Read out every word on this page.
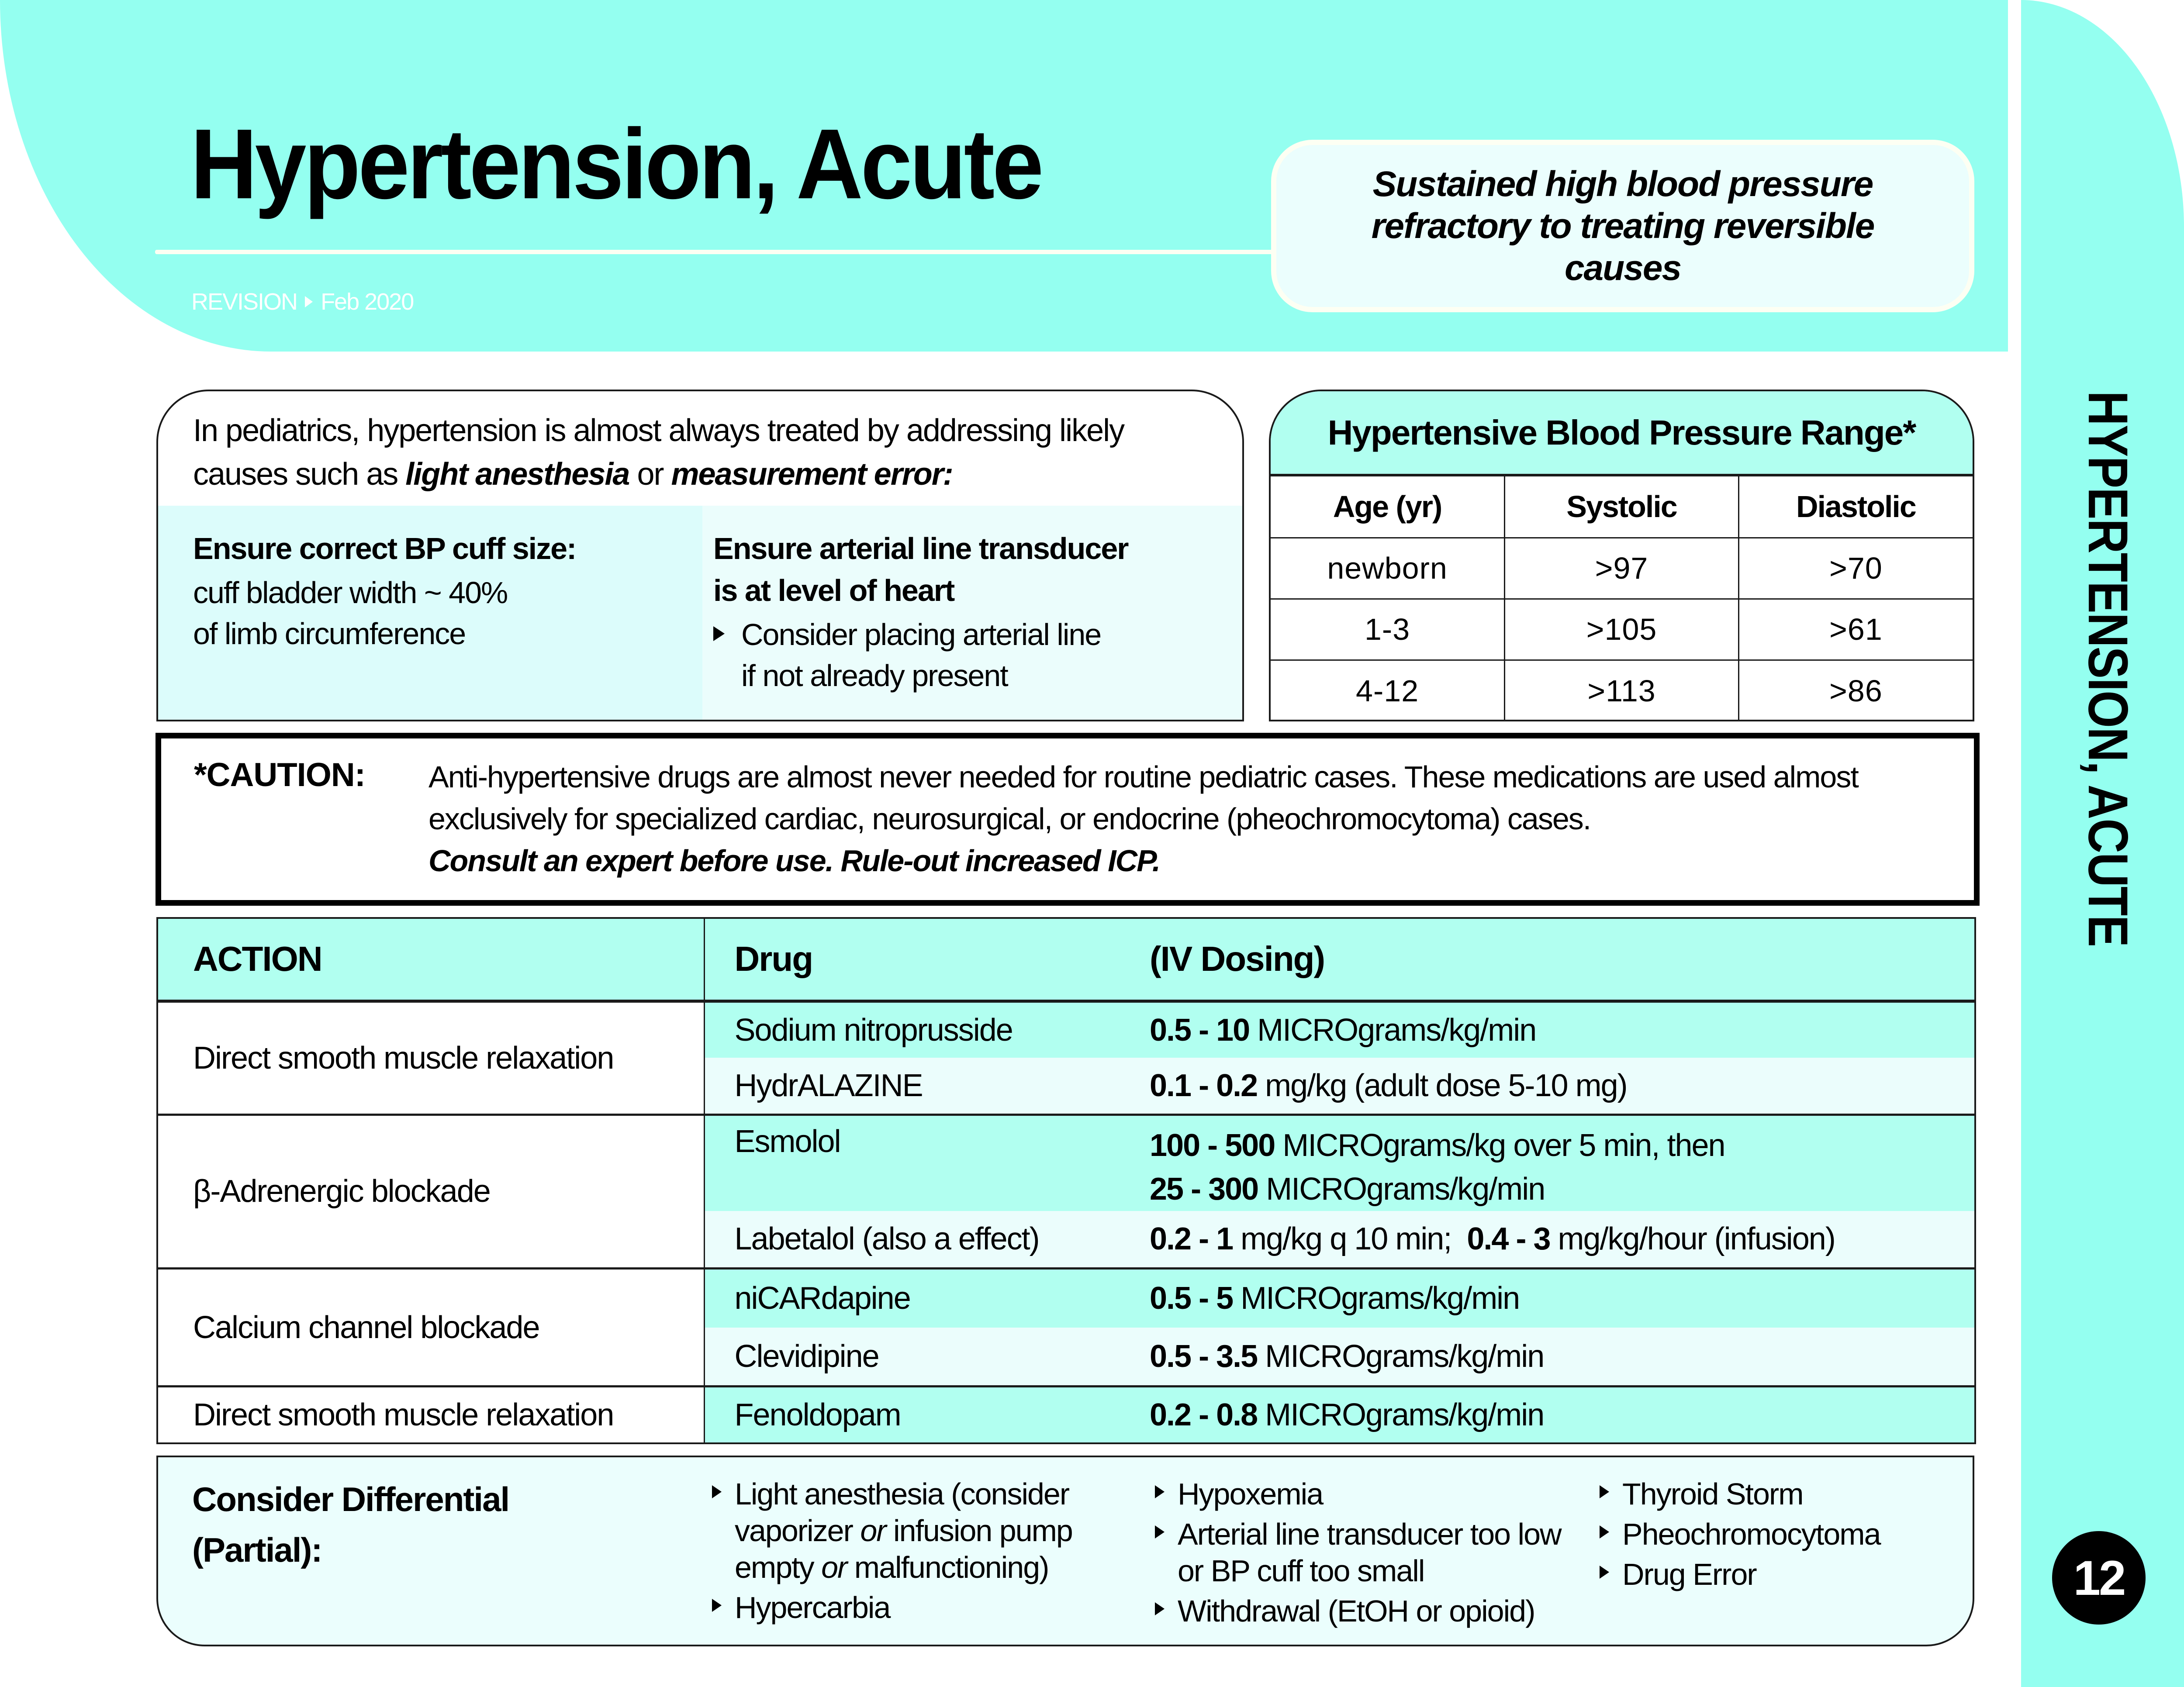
Hypertension, Acute
REVISION Feb 2020
Sustained high blood pressure refractory to treating reversible causes
HYPERTENSION, ACUTE
12
In pediatrics, hypertension is almost always treated by addressing likely causes such as light anesthesia or measurement error:
Ensure correct BP cuff size:
cuff bladder width ~ 40%
of limb circumference
Ensure arterial line transducer
is at level of heart
Consider placing arterial line
if not already present
Hypertensive Blood Pressure Range*
Age (yr)	Systolic	Diastolic
newborn	>97	>70
1-3	>105	>61
4-12	>113	>86
*CAUTION: Anti-hypertensive drugs are almost never needed for routine pediatric cases. These medications are used almost exclusively for specialized cardiac, neurosurgical, or endocrine (pheochromocytoma) cases.
Consult an expert before use. Rule-out increased ICP.
ACTION	Drug	(IV Dosing)
Direct smooth muscle relaxation	Sodium nitroprusside	0.5 - 10 MICROgrams/kg/min
	HydrALAZINE	0.1 - 0.2 mg/kg (adult dose 5-10 mg)
β-Adrenergic blockade	Esmolol	100 - 500 MICROgrams/kg over 5 min, then
25 - 300 MICROgrams/kg/min

	Labetalol (also a effect)	0.2 - 1 mg/kg q 10 min;  0.4 - 3 mg/kg/hour (infusion)
Calcium channel blockade	niCARdapine	0.5 - 5 MICROgrams/kg/min
	Clevidipine	0.5 - 3.5 MICROgrams/kg/min
Direct smooth muscle relaxation	Fenoldopam	0.2 - 0.8 MICROgrams/kg/min
Consider Differential
(Partial):
Light anesthesia (consider vaporizer or infusion pump empty or malfunctioning)
Hypercarbia
Hypoxemia
Arterial line transducer too low or BP cuff too small
Withdrawal (EtOH or opioid)
Thyroid Storm
Pheochromocytoma
Drug Error
